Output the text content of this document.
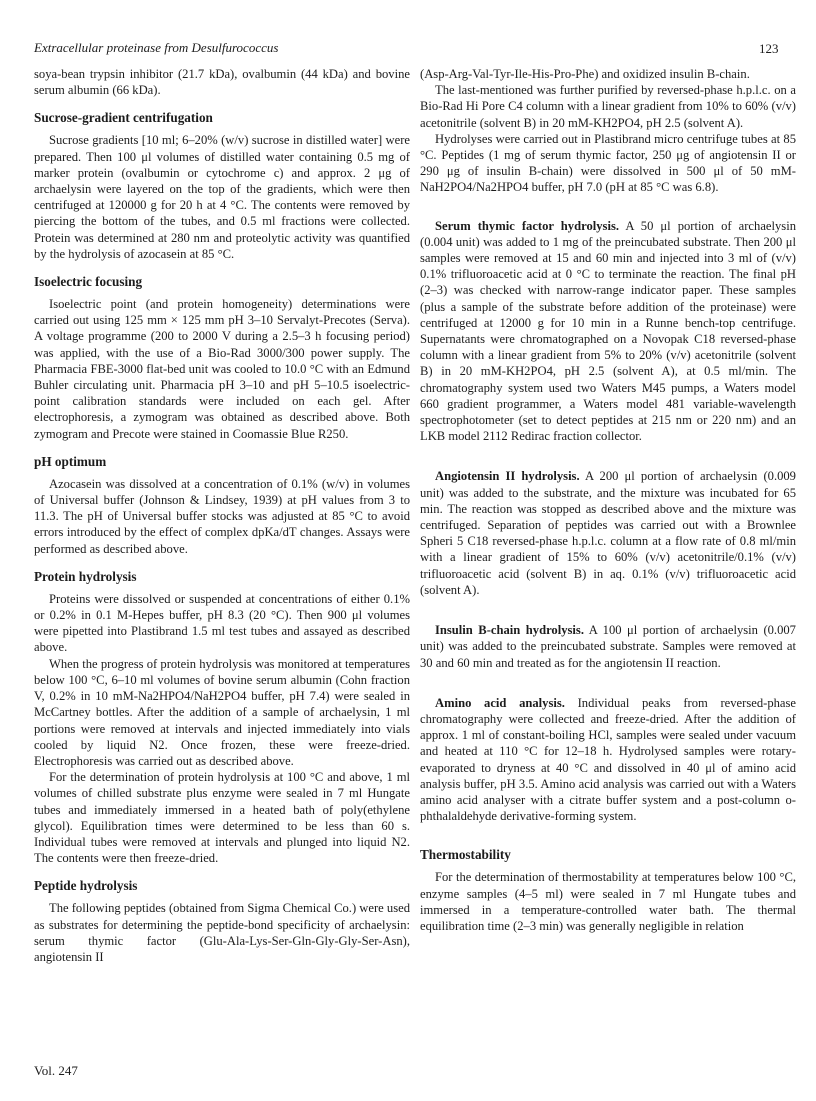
Extracellular proteinase from Desulfurococcus	123

soya-bean trypsin inhibitor (21.7 kDa), ovalbumin (44 kDa) and bovine serum albumin (66 kDa).

Sucrose-gradient centrifugation

Sucrose gradients [10 ml; 6–20% (w/v) sucrose in distilled water] were prepared. Then 100 μl volumes of distilled water containing 0.5 mg of marker protein (ovalbumin or cytochrome c) and approx. 2 μg of archaelysin were layered on the top of the gradients, which were then centrifuged at 120000 g for 20 h at 4 °C. The contents were removed by piercing the bottom of the tubes, and 0.5 ml fractions were collected. Protein was determined at 280 nm and proteolytic activity was quantified by the hydrolysis of azocasein at 85 °C.

Isoelectric focusing

Isoelectric point (and protein homogeneity) determinations were carried out using 125 mm × 125 mm pH 3–10 Servalyt-Precotes (Serva). A voltage programme (200 to 2000 V during a 2.5–3 h focusing period) was applied, with the use of a Bio-Rad 3000/300 power supply. The Pharmacia FBE-3000 flat-bed unit was cooled to 10.0 °C with an Edmund Buhler circulating unit. Pharmacia pH 3–10 and pH 5–10.5 isoelectric-point calibration standards were included on each gel. After electrophoresis, a zymogram was obtained as described above. Both zymogram and Precote were stained in Coomassie Blue R250.

pH optimum

Azocasein was dissolved at a concentration of 0.1% (w/v) in volumes of Universal buffer (Johnson & Lindsey, 1939) at pH values from 3 to 11.3. The pH of Universal buffer stocks was adjusted at 85 °C to avoid errors introduced by the effect of complex dpKa/dT changes. Assays were performed as described above.

Protein hydrolysis

Proteins were dissolved or suspended at concentrations of either 0.1% or 0.2% in 0.1 M-Hepes buffer, pH 8.3 (20 °C). Then 900 μl volumes were pipetted into Plastibrand 1.5 ml test tubes and assayed as described above.

When the progress of protein hydrolysis was monitored at temperatures below 100 °C, 6–10 ml volumes of bovine serum albumin (Cohn fraction V, 0.2% in 10 mM-Na2HPO4/NaH2PO4 buffer, pH 7.4) were sealed in McCartney bottles. After the addition of a sample of archaelysin, 1 ml portions were removed at intervals and injected immediately into vials cooled by liquid N2. Once frozen, these were freeze-dried. Electrophoresis was carried out as described above.

For the determination of protein hydrolysis at 100 °C and above, 1 ml volumes of chilled substrate plus enzyme were sealed in 7 ml Hungate tubes and immediately immersed in a heated bath of poly(ethylene glycol). Equilibration times were determined to be less than 60 s. Individual tubes were removed at intervals and plunged into liquid N2. The contents were then freeze-dried.

Peptide hydrolysis

The following peptides (obtained from Sigma Chemical Co.) were used as substrates for determining the peptide-bond specificity of archaelysin: serum thymic factor (Glu-Ala-Lys-Ser-Gln-Gly-Gly-Ser-Asn), angiotensin II

(Asp-Arg-Val-Tyr-Ile-His-Pro-Phe) and oxidized insulin B-chain.

The last-mentioned was further purified by reversed-phase h.p.l.c. on a Bio-Rad Hi Pore C4 column with a linear gradient from 10% to 60% (v/v) acetonitrile (solvent B) in 20 mM-KH2PO4, pH 2.5 (solvent A).

Hydrolyses were carried out in Plastibrand micro centrifuge tubes at 85 °C. Peptides (1 mg of serum thymic factor, 250 μg of angiotensin II or 290 μg of insulin B-chain) were dissolved in 500 μl of 50 mM-NaH2PO4/Na2HPO4 buffer, pH 7.0 (pH at 85 °C was 6.8).

Serum thymic factor hydrolysis. A 50 μl portion of archaelysin (0.004 unit) was added to 1 mg of the preincubated substrate. Then 200 μl samples were removed at 15 and 60 min and injected into 3 ml of (v/v) 0.1% trifluoroacetic acid at 0 °C to terminate the reaction. The final pH (2–3) was checked with narrow-range indicator paper. These samples (plus a sample of the substrate before addition of the proteinase) were centrifuged at 12000 g for 10 min in a Runne bench-top centrifuge. Supernatants were chromatographed on a Novopak C18 reversed-phase column with a linear gradient from 5% to 20% (v/v) acetonitrile (solvent B) in 20 mM-KH2PO4, pH 2.5 (solvent A), at 0.5 ml/min. The chromatography system used two Waters M45 pumps, a Waters model 660 gradient programmer, a Waters model 481 variable-wavelength spectrophotometer (set to detect peptides at 215 nm or 220 nm) and an LKB model 2112 Redirac fraction collector.

Angiotensin II hydrolysis. A 200 μl portion of archaelysin (0.009 unit) was added to the substrate, and the mixture was incubated for 65 min. The reaction was stopped as described above and the mixture was centrifuged. Separation of peptides was carried out with a Brownlee Spheri 5 C18 reversed-phase h.p.l.c. column at a flow rate of 0.8 ml/min with a linear gradient of 15% to 60% (v/v) acetonitrile/0.1% (v/v) trifluoroacetic acid (solvent B) in aq. 0.1% (v/v) trifluoroacetic acid (solvent A).

Insulin B-chain hydrolysis. A 100 μl portion of archaelysin (0.007 unit) was added to the preincubated substrate. Samples were removed at 30 and 60 min and treated as for the angiotensin II reaction.

Amino acid analysis. Individual peaks from reversed-phase chromatography were collected and freeze-dried. After the addition of approx. 1 ml of constant-boiling HCl, samples were sealed under vacuum and heated at 110 °C for 12–18 h. Hydrolysed samples were rotary-evaporated to dryness at 40 °C and dissolved in 40 μl of amino acid analysis buffer, pH 3.5. Amino acid analysis was carried out with a Waters amino acid analyser with a citrate buffer system and a post-column o-phthalaldehyde derivative-forming system.

Thermostability

For the determination of thermostability at temperatures below 100 °C, enzyme samples (4–5 ml) were sealed in 7 ml Hungate tubes and immersed in a temperature-controlled water bath. The thermal equilibration time (2–3 min) was generally negligible in relation

Vol. 247
